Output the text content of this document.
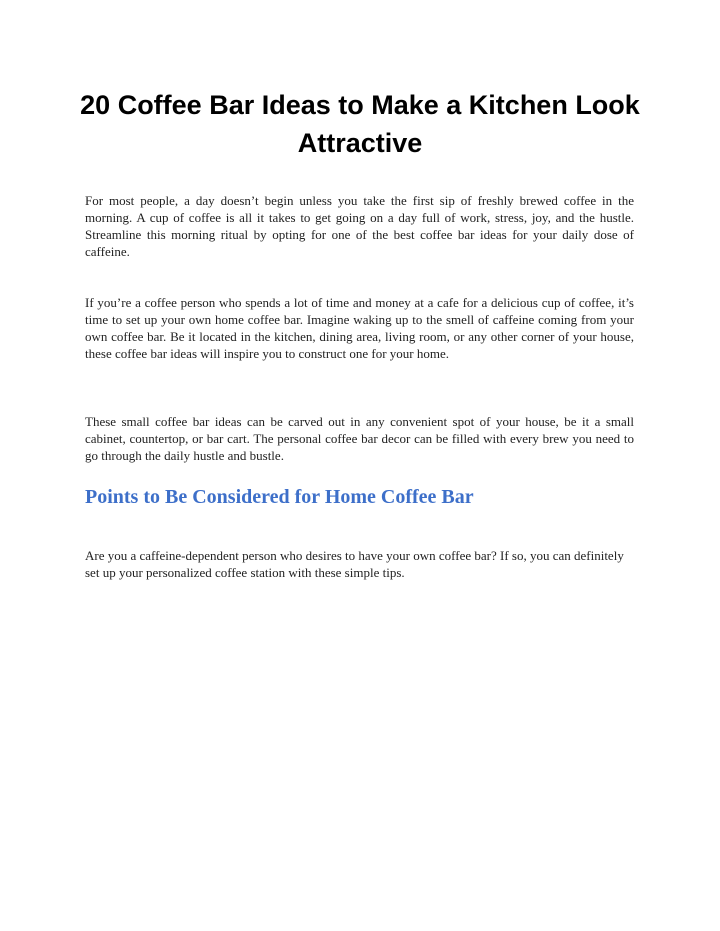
20 Coffee Bar Ideas to Make a Kitchen Look Attractive

For most people, a day doesn’t begin unless you take the first sip of freshly brewed coffee in the morning. A cup of coffee is all it takes to get going on a day full of work, stress, joy, and the hustle. Streamline this morning ritual by opting for one of the best coffee bar ideas for your daily dose of caffeine.

If you’re a coffee person who spends a lot of time and money at a cafe for a delicious cup of coffee, it’s time to set up your own home coffee bar. Imagine waking up to the smell of caffeine coming from your own coffee bar. Be it located in the kitchen, dining area, living room, or any other corner of your house, these coffee bar ideas will inspire you to construct one for your home.

These small coffee bar ideas can be carved out in any convenient spot of your house, be it a small cabinet, countertop, or bar cart. The personal coffee bar decor can be filled with every brew you need to go through the daily hustle and bustle.

Points to Be Considered for Home Coffee Bar

Are you a caffeine-dependent person who desires to have your own coffee bar? If so, you can definitely set up your personalized coffee station with these simple tips.
